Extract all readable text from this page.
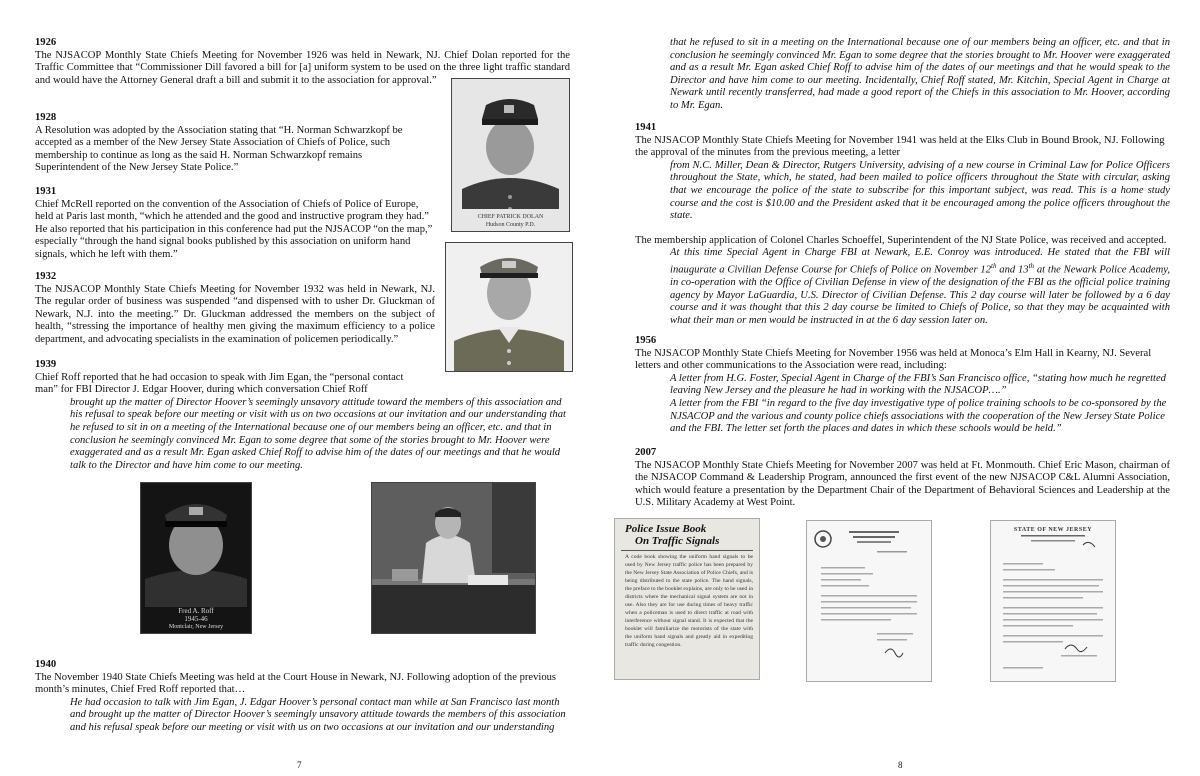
1926
The NJSACOP Monthly State Chiefs Meeting for November 1926 was held in Newark, NJ. Chief Dolan reported for the Traffic Committee that “Commissioner Dill favored a bill for [a] uniform system to be used on the three light traffic standard and would have the Attorney General draft a bill and submit it to the association for approval.”
1928
A Resolution was adopted by the Association stating that “H. Norman Schwarzkopf be accepted as a member of the New Jersey State Association of Chiefs of Police, such membership to continue as long as the said H. Norman Schwarzkopf remains Superintendent of the New Jersey State Police.”
1931
Chief McRell reported on the convention of the Association of Chiefs of Police of Europe, held at Paris last month, “which he attended and the good and instructive program they had.” He also reported that his participation in this conference had put the NJSACOP “on the map,” especially “through the hand signal books published by this association on uniform hand signals, which he left with them.”
1932
The NJSACOP Monthly State Chiefs Meeting for November 1932 was held in Newark, NJ. The regular order of business was suspended “and dispensed with to usher Dr. Gluckman of Newark, N.J. into the meeting.” Dr. Gluckman addressed the members on the subject of health, “stressing the importance of healthy men giving the maximum efficiency to a police department, and advocating specialists in the examination of policemen periodically.”
1939
Chief Roff reported that he had occasion to speak with Jim Egan, the “personal contact man” for FBI Director J. Edgar Hoover, during which conversation Chief Roff
brought up the matter of Director Hoover’s seemingly unsavory attitude toward the members of this association and his refusal to speak before our meeting or visit with us on two occasions at our invitation and our understanding that he refused to sit in on a meeting of the International because one of our members being an officer, etc. and that in conclusion he seemingly convinced Mr. Egan to some degree that some of the stories brought to Mr. Hoover were exaggerated and as a result Mr. Egan asked Chief Roff to advise him of the dates of our meetings and that he would talk to the Director and have him come to our meeting.
CHIEF PATRICK DOLAN
Hudson County P.D.
Fred A. Roff
1945-46
Montclair, New Jersey
1940
The November 1940 State Chiefs Meeting was held at the Court House in Newark, NJ. Following adoption of the previous month’s minutes, Chief Fred Roff reported that…
He had occasion to talk with Jim Egan, J. Edgar Hoover’s personal contact man while at San Francisco last month and brought up the matter of Director Hoover’s seemingly unsavory attitude towards the members of this association and his refusal speak before our meeting or visit with us on two occasions at our invitation and our understanding
7
that he refused to sit in a meeting on the International because one of our members being an officer, etc. and that in conclusion he seemingly convinced Mr. Egan to some degree that the stories brought to Mr. Hoover were exaggerated and as a result Mr. Egan asked Chief Roff to advise him of the dates of our meetings and that he would speak to the Director and have him come to our meeting. Incidentally, Chief Roff stated, Mr. Kitchin, Special Agent in Charge at Newark until recently transferred, had made a good report of the Chiefs in this association to Mr. Hoover, according to Mr. Egan.
1941
The NJSACOP Monthly State Chiefs Meeting for November 1941 was held at the Elks Club in Bound Brook, NJ. Following the approval of the minutes from the previous meeting, a letter
from N.C. Miller, Dean & Director, Rutgers University, advising of a new course in Criminal Law for Police Officers throughout the State, which, he stated, had been mailed to police officers throughout the State with circular, asking that we encourage the police of the state to subscribe for this important subject, was read. This is a home study course and the cost is $10.00 and the President asked that it be encouraged among the police officers throughout the state.
The membership application of Colonel Charles Schoeffel, Superintendent of the NJ State Police, was received and accepted.
At this time Special Agent in Charge FBI at Newark, E.E. Conroy was introduced. He stated that the FBI will inaugurate a Civilian Defense Course for Chiefs of Police on November 12th and 13th at the Newark Police Academy, in co-operation with the Office of Civilian Defense in view of the designation of the FBI as the official police training agency by Mayor LaGuardia, U.S. Director of Civilian Defense. This 2 day course will later be followed by a 6 day course and it was thought that this 2 day course be limited to Chiefs of Police, so that they may be acquainted with what their man or men would be instructed in at the 6 day session later on.
1956
The NJSACOP Monthly State Chiefs Meeting for November 1956 was held at Monoca’s Elm Hall in Kearny, NJ. Several letters and other communications to the Association were read, including:
A letter from H.G. Foster, Special Agent in Charge of the FBI’s San Francisco office, “stating how much he regretted leaving New Jersey and the pleasure he had in working with the NJSACOP….”
A letter from the FBI “in regard to the five day investigative type of police training schools to be co-sponsored by the NJSACOP and the various and county police chiefs associations with the cooperation of the New Jersey State Police and the FBI. The letter set forth the places and dates in which these schools would be held.”
2007
The NJSACOP Monthly State Chiefs Meeting for November 2007 was held at Ft. Monmouth. Chief Eric Mason, chairman of the NJSACOP Command & Leadership Program, announced the first event of the new NJSACOP C&L Alumni Association, which would feature a presentation by the Department Chair of the Department of Behavioral Sciences and Leadership at the U.S. Military Academy at West Point.
Police Issue Book
On Traffic Signals
A code book showing the uniform hand signals to be used by New Jersey traffic police has been prepared by the New Jersey State Association of Police Chiefs, and is being distributed to the state police. The hand signals, the preface to the booklet explains, are only to be used in districts where the mechanical signal system are not in use. Also they are for use during times of heavy traffic when a policeman is used to direct traffic at road with interference without signal stand. It is expected that the booklet will familiarize the motorists of the state with the uniform hand signals and greatly aid in expediting traffic during congestion.
STATE OF NEW JERSEY
8
